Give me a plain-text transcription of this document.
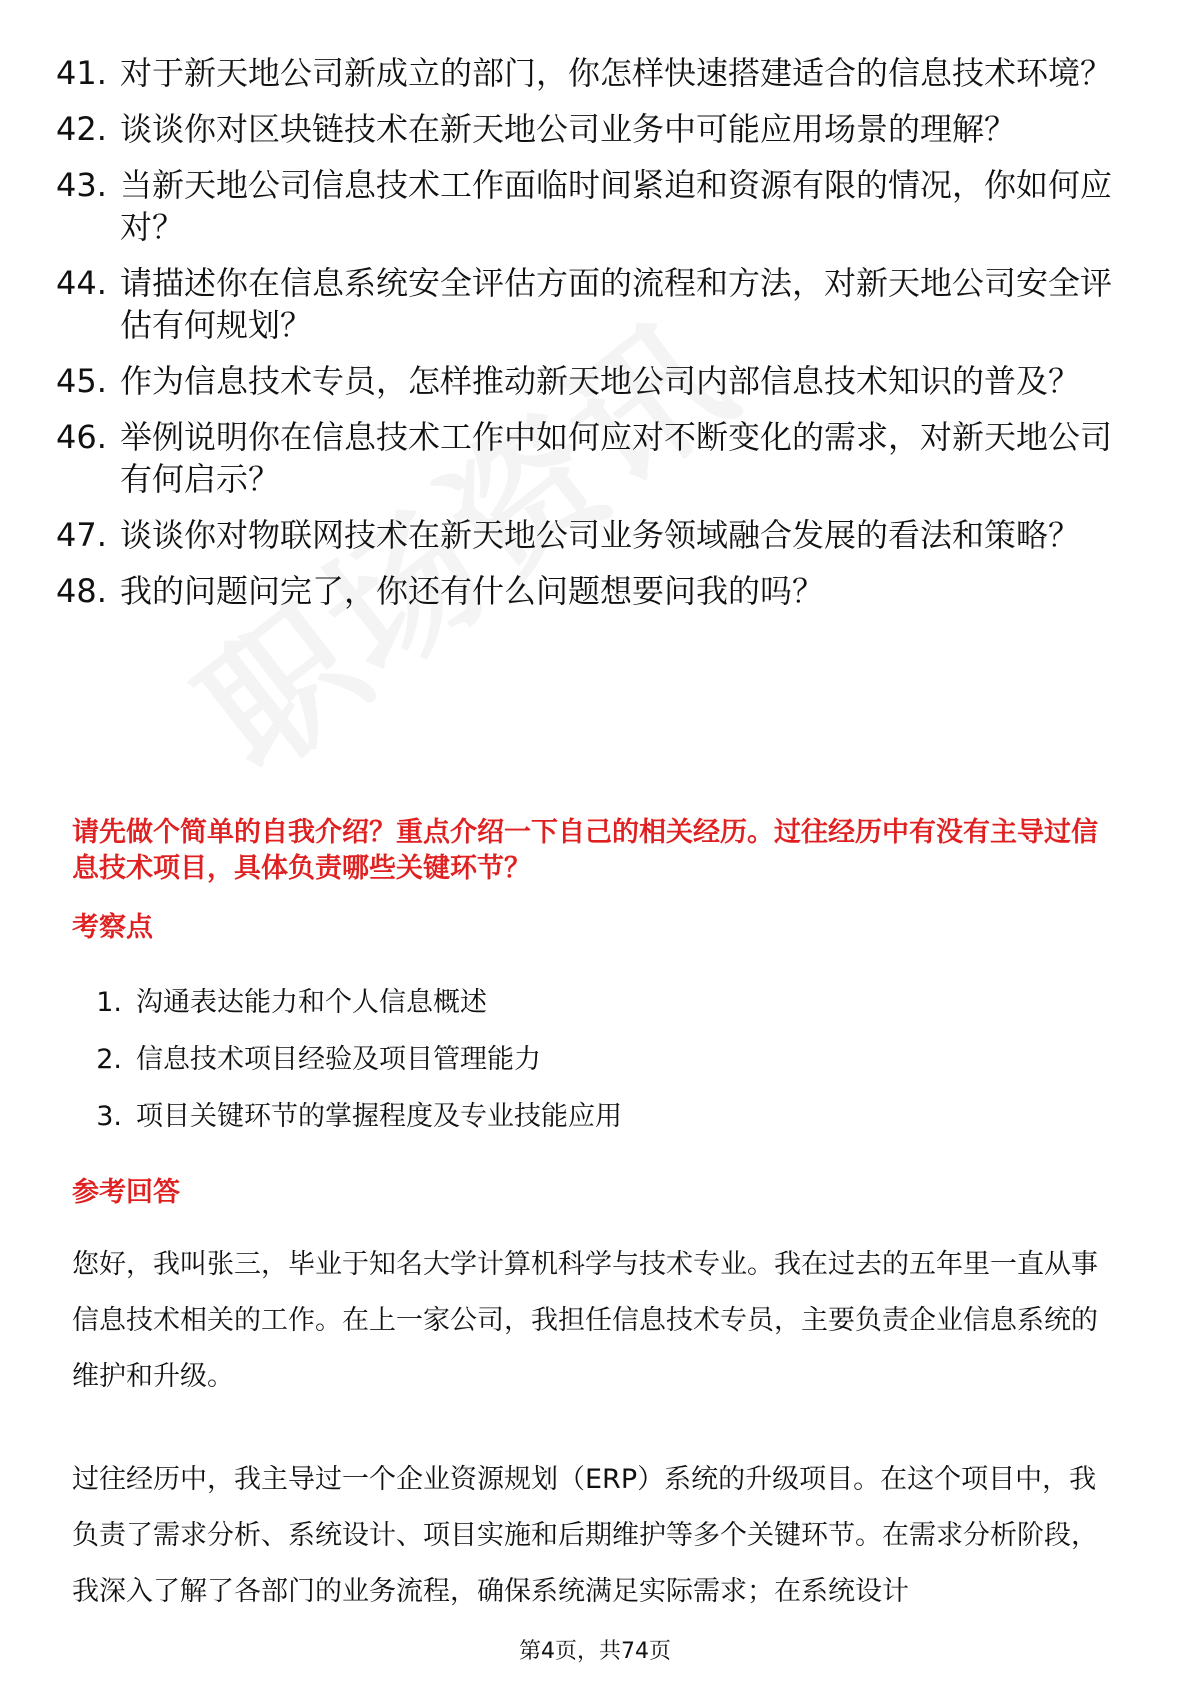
41. 对于新天地公司新成立的部门，你怎样快速搭建适合的信息技术环境？
42. 谈谈你对区块链技术在新天地公司业务中可能应用场景的理解？
43. 当新天地公司信息技术工作面临时间紧迫和资源有限的情况，你如何应对？
44. 请描述你在信息系统安全评估方面的流程和方法，对新天地公司安全评估有何规划？
45. 作为信息技术专员，怎样推动新天地公司内部信息技术知识的普及？
46. 举例说明你在信息技术工作中如何应对不断变化的需求，对新天地公司有何启示？
47. 谈谈你对物联网技术在新天地公司业务领域融合发展的看法和策略？
48. 我的问题问完了，你还有什么问题想要问我的吗？
请先做个简单的自我介绍？重点介绍一下自己的相关经历。过往经历中有没有主导过信息技术项目，具体负责哪些关键环节？
考察点
1. 沟通表达能力和个人信息概述
2. 信息技术项目经验及项目管理能力
3. 项目关键环节的掌握程度及专业技能应用
参考回答

您好，我叫张三，毕业于知名大学计算机科学与技术专业。我在过去的五年里一直从事信息技术相关的工作。在上一家公司，我担任信息技术专员，主要负责企业信息系统的维护和升级。

过往经历中，我主导过一个企业资源规划（ERP）系统的升级项目。在这个项目中，我负责了需求分析、系统设计、项目实施和后期维护等多个关键环节。在需求分析阶段，我深入了解了各部门的业务流程，确保系统满足实际需求；在系统设计

第4页，共74页
